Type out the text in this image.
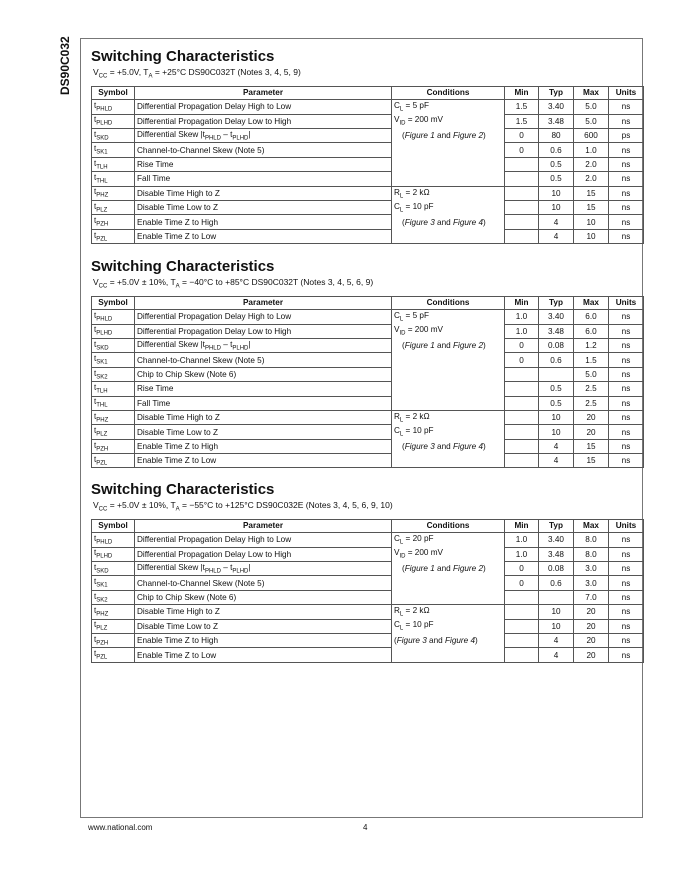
DS90C032 Switching Characteristics
$V_{CC} = +5.0V$, $T_A = +25^\circ C$ DS90C032T (Notes 3, 4, 5, 9)
Symbol	Parameter	Conditions	Min	Typ	Max	Units
$t_{PHLD}$	Differential Propagation Delay High to Low	$C_L = 5$ pF	1.5	3.40	5.0	ns
$t_{PLHD}$	Differential Propagation Delay Low to High	$V_{ID} = 200$ mV	1.5	3.48	5.0	ns
$t_{SKD}$	Differential Skew $|t_{PHLD} - t_{PLHD}|$	(Figure 1 and Figure 2)	0	80	600	ps
$t_{SK1}$	Channel-to-Channel Skew (Note 5)		0	0.6	1.0	ns
$t_{TLH}$	Rise Time			0.5	2.0	ns
$t_{THL}$	Fall Time			0.5	2.0	ns
$t_{PHZ}$	Disable Time High to Z	$R_L = 2$ kΩ		10	15	ns
$t_{PLZ}$	Disable Time Low to Z	$C_L = 10$ pF		10	15	ns
$t_{PZH}$	Enable Time Z to High	(Figure 3 and Figure 4)		4	10	ns
$t_{PZL}$	Enable Time Z to Low			4	10	ns
Switching Characteristics
$V_{CC} = +5.0V \pm 10\%$, $T_A = -40^\circ C$ to +85°C DS90C032T (Notes 3, 4, 5, 6, 9)
Symbol	Parameter	Conditions	Min	Typ	Max	Units
$t_{PHLD}$	Differential Propagation Delay High to Low	$C_L = 5$ pF	1.0	3.40	6.0	ns
$t_{PLHD}$	Differential Propagation Delay Low to High	$V_{ID} = 200$ mV	1.0	3.48	6.0	ns
$t_{SKD}$	Differential Skew $|t_{PHLD} - t_{PLHD}|$	(Figure 1 and Figure 2)	0	0.08	1.2	ns
$t_{SK1}$	Channel-to-Channel Skew (Note 5)		0	0.6	1.5	ns
$t_{SK2}$	Chip to Chip Skew (Note 6)				5.0	ns
$t_{TLH}$	Rise Time			0.5	2.5	ns
$t_{THL}$	Fall Time			0.5	2.5	ns
$t_{PHZ}$	Disable Time High to Z	$R_L = 2$ kΩ		10	20	ns
$t_{PLZ}$	Disable Time Low to Z	$C_L = 10$ pF		10	20	ns
$t_{PZH}$	Enable Time Z to High	(Figure 3 and Figure 4)		4	15	ns
$t_{PZL}$	Enable Time Z to Low			4	15	ns
Switching Characteristics
$V_{CC} = +5.0V \pm 10\%$, $T_A = -55^\circ C$ to +125°C DS90C032E (Notes 3, 4, 5, 6, 9, 10)
Symbol	Parameter	Conditions	Min	Typ	Max	Units
$t_{PHLD}$	Differential Propagation Delay High to Low	$C_L = 20$ pF	1.0	3.40	8.0	ns
$t_{PLHD}$	Differential Propagation Delay Low to High	$V_{ID} = 200$ mV	1.0	3.48	8.0	ns
$t_{SKD}$	Differential Skew $|t_{PHLD} - t_{PLHD}|$	(Figure 1 and Figure 2)	0	0.08	3.0	ns
$t_{SK1}$	Channel-to-Channel Skew (Note 5)		0	0.6	3.0	ns
$t_{SK2}$	Chip to Chip Skew (Note 6)				7.0	ns
$t_{PHZ}$	Disable Time High to Z	$R_L = 2$ kΩ		10	20	ns
$t_{PLZ}$	Disable Time Low to Z	$C_L = 10$ pF		10	20	ns
$t_{PZH}$	Enable Time Z to High	(Figure 3 and Figure 4)		4	20	ns
$t_{PZL}$	Enable Time Z to Low			4	20	ns
www.national.com	4
